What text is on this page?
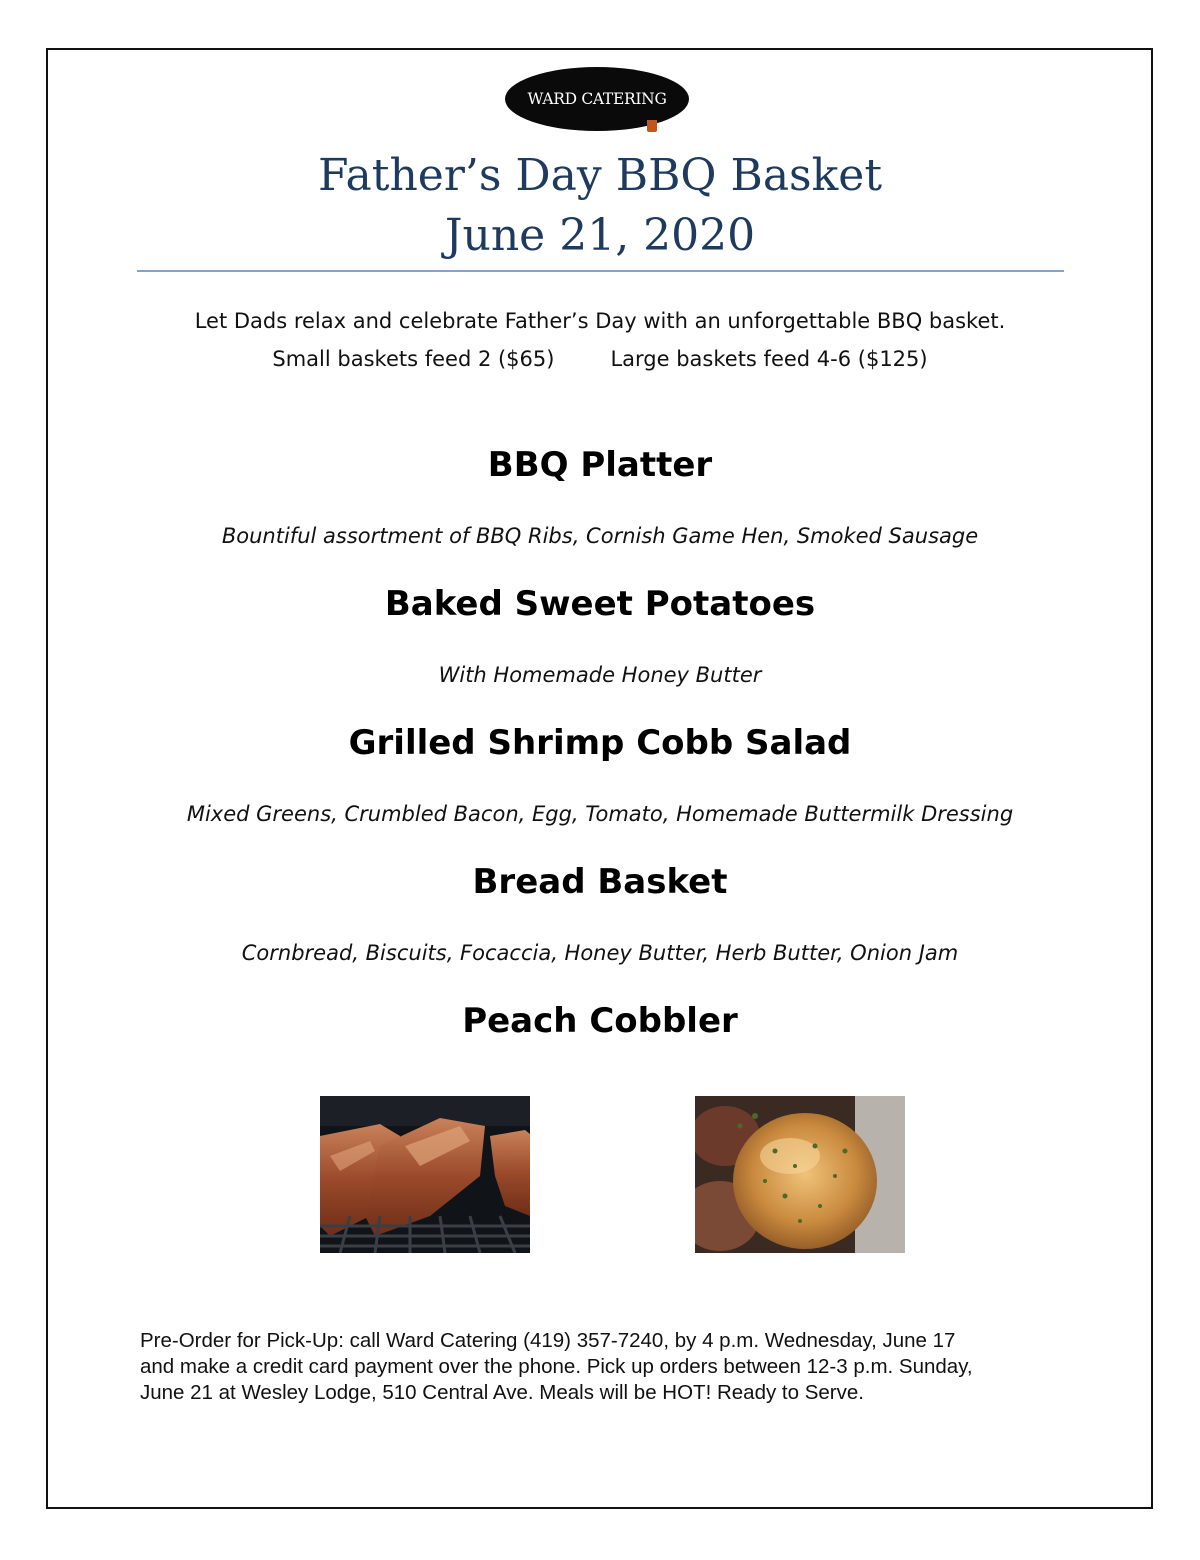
WARD CATERING
Father’s Day BBQ Basket
June 21, 2020
Let Dads relax and celebrate Father’s Day with an unforgettable BBQ basket.
Small baskets feed 2 ($65)	Large baskets feed 4-6 ($125)
BBQ Platter
Bountiful assortment of BBQ Ribs, Cornish Game Hen, Smoked Sausage
Baked Sweet Potatoes
With Homemade Honey Butter
Grilled Shrimp Cobb Salad
Mixed Greens, Crumbled Bacon, Egg, Tomato, Homemade Buttermilk Dressing
Bread Basket
Cornbread, Biscuits, Focaccia, Honey Butter, Herb Butter, Onion Jam
Peach Cobbler
Pre-Order for Pick-Up: call Ward Catering (419) 357-7240, by 4 p.m. Wednesday, June 17
and make a credit card payment over the phone. Pick up orders between 12-3 p.m. Sunday,
June 21 at Wesley Lodge, 510 Central Ave. Meals will be HOT! Ready to Serve.
